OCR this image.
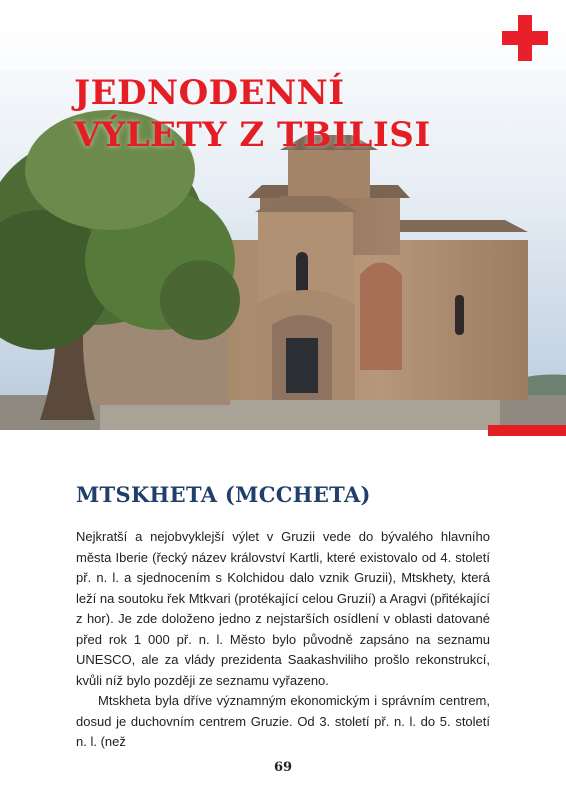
JEDNODENNÍ
VÝLETY Z TBILISI
MTSKHETA (MCCHETA)

Nejkratší a nejobvyklejší výlet v Gruzii vede do bývalého hlavního města Iberie (řecký název království Kartli, které existovalo od 4. století př. n. l. a sjednocením s Kolchidou dalo vznik Gruzii), Mtskhety, která leží na soutoku řek Mtkvari (protékající celou Gruzií) a Aragvi (přitékající z hor). Je zde doloženo jedno z nejstarších osídlení v oblasti datované před rok 1 000 př. n. l. Město bylo původně zapsáno na seznamu UNESCO, ale za vlády prezidenta Saakashviliho prošlo rekonstrukcí, kvůli níž bylo později ze seznamu vyřazeno.

Mtskheta byla dříve významným ekonomickým i správním centrem, dosud je duchovním centrem Gruzie. Od 3. století př. n. l. do 5. století n. l. (než

69
